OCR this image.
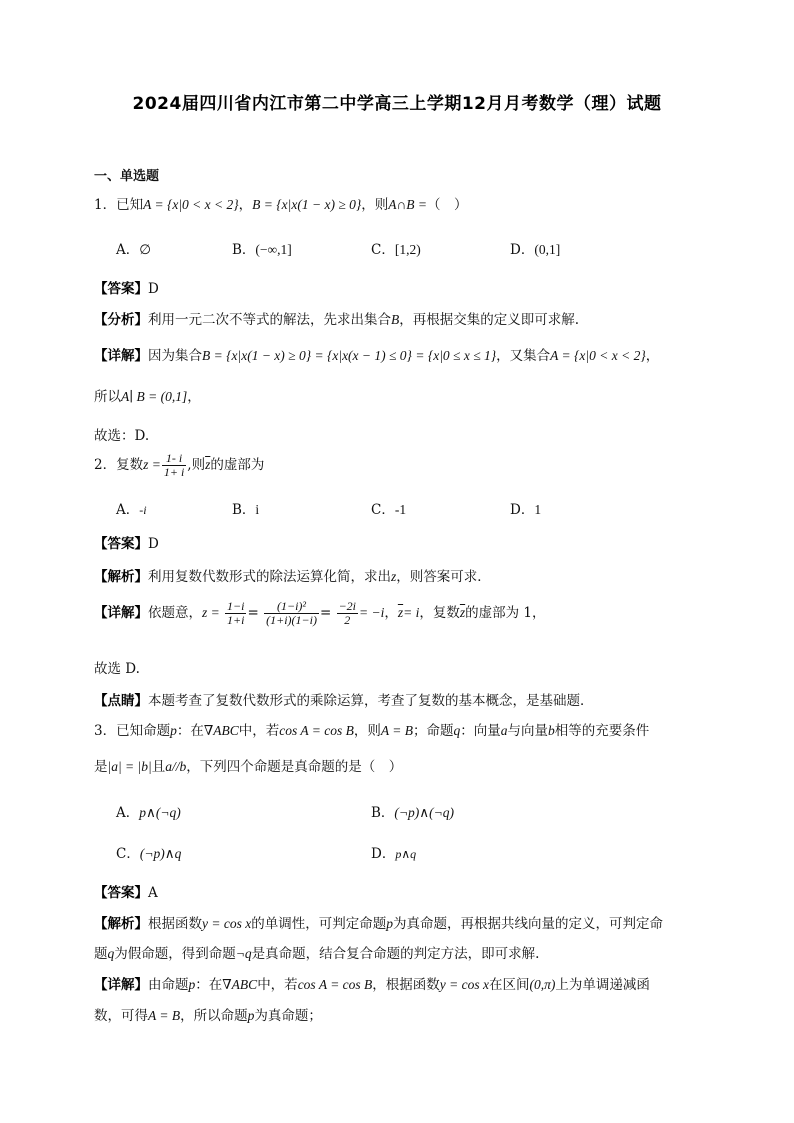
2024届四川省内江市第二中学高三上学期12月月考数学（理）试题
一、单选题
1．已知A = {x|0 < x < 2}，B = {x|x(1 − x) ≥ 0}，则A∩B =（　）
A．∅	B．(−∞,1]	C．[1,2)	D．(0,1]
【答案】D
【分析】利用一元二次不等式的解法，先求出集合B，再根据交集的定义即可求解.
【详解】因为集合B = {x|x(1 − x) ≥ 0} = {x|x(x − 1) ≤ 0} = {x|0 ≤ x ≤ 1}，又集合A = {x|0 < x < 2}，
所以A∣ B = (0,1]，
故选：D.
2．复数$z = \frac{1- i}{1+ i}$ ,则$\overline{z}$的虚部为
A．-i	B．i	C．-1	D．1
【答案】D
【解析】利用复数代数形式的除法运算化简，求出z，则答案可求．
【详解】依题意，$z = \frac{1-i}{1+i} = \frac{\text{(1−i)²}}{(1+i)(1-i)} = \frac{-2i}{2} = -i$，$\overline{z}= i$，复数$\overline{z}$的虚部为 1，
故选 D.
【点睛】本题考查了复数代数形式的乘除运算，考查了复数的基本概念，是基础题．
3．已知命题p：在∇ABC中，若cos A = cos B，则A = B；命题q：向量a与向量b相等的充要条件
是|a| = |b|且a//b，下列四个命题是真命题的是（　）
A．p∧(¬q)	B．(¬p)∧(¬q)
C．(¬p)∧q	D．p∧q
【答案】A
【解析】根据函数y = cos x的单调性，可判定命题p为真命题，再根据共线向量的定义，可判定命
题q为假命题，得到命题¬q是真命题，结合复合命题的判定方法，即可求解.
【详解】由命题p：在∇ABC中，若cos A = cos B，根据函数y = cos x在区间(0,π)上为单调递减函
数，可得A = B，所以命题p为真命题；
